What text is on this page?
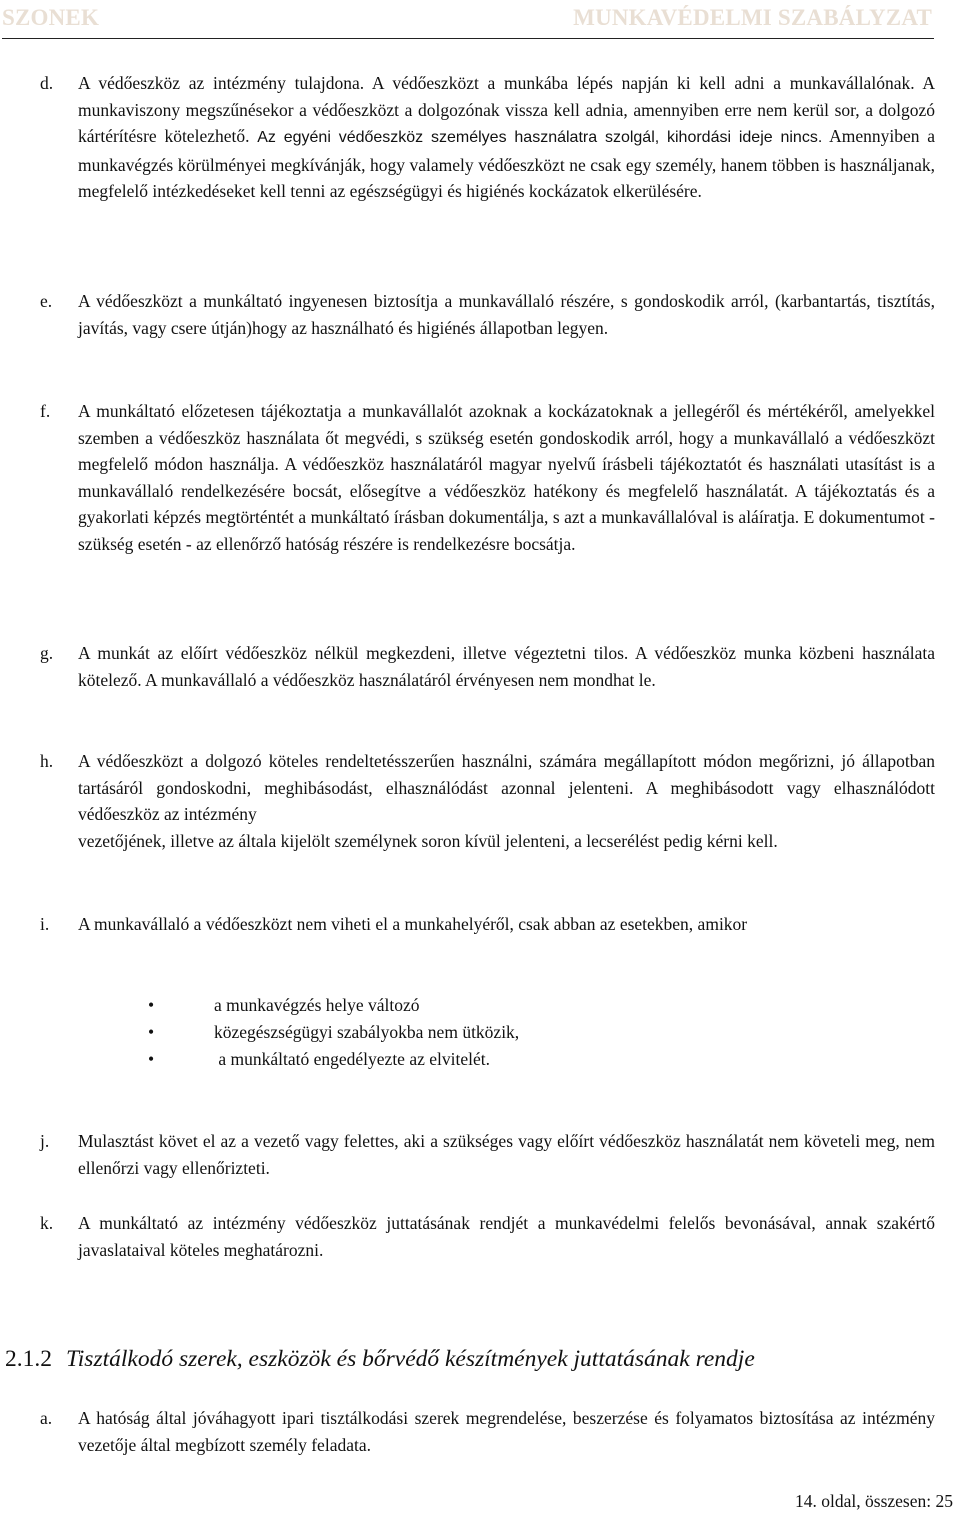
SZONEK	MUNKAVÉDELMI SZABÁLYZAT
d. A védőeszköz az intézmény tulajdona. A védőeszközt a munkába lépés napján ki kell adni a munkavállalónak. A munkaviszony megszűnésekor a védőeszközt a dolgozónak vissza kell adnia, amennyiben erre nem kerül sor, a dolgozó kártérítésre kötelezhető. Az egyéni védőeszköz személyes használatra szolgál, kihordási ideje nincs. Amennyiben a munkavégzés körülményei megkívánják, hogy valamely védőeszközt ne csak egy személy, hanem többen is használjanak, megfelelő intézkedéseket kell tenni az egészségügyi és higiénés kockázatok elkerülésére.
e. A védőeszközt a munkáltató ingyenesen biztosítja a munkavállaló részére, s gondoskodik arról, (karbantartás, tisztítás, javítás, vagy csere útján)hogy az használható és higiénés állapotban legyen.
f. A munkáltató előzetesen tájékoztatja a munkavállalót azoknak a kockázatoknak a jellegéről és mértékéről, amelyekkel szemben a védőeszköz használata őt megvédi, s szükség esetén gondoskodik arról, hogy a munkavállaló a védőeszközt megfelelő módon használja. A védőeszköz használatáról magyar nyelvű írásbeli tájékoztatót és használati utasítást is a munkavállaló rendelkezésére bocsát, elősegítve a védőeszköz hatékony és megfelelő használatát. A tájékoztatás és a gyakorlati képzés megtörténtét a munkáltató írásban dokumentálja, s azt a munkavállalóval is aláíratja. E dokumentumot - szükség esetén - az ellenőrző hatóság részére is rendelkezésre bocsátja.
g. A munkát az előírt védőeszköz nélkül megkezdeni, illetve végeztetni tilos. A védőeszköz munka közbeni használata kötelező. A munkavállaló a védőeszköz használatáról érvényesen nem mondhat le.
h. A védőeszközt a dolgozó köteles rendeltetésszerűen használni, számára megállapított módon megőrizni, jó állapotban tartásáról gondoskodni, meghibásodást, elhasználódást azonnal jelenteni. A meghibásodott vagy elhasználódott védőeszköz az intézmény
vezetőjének, illetve az általa kijelölt személynek soron kívül jelenteni, a lecserélést pedig kérni kell.
i. A munkavállaló a védőeszközt nem viheti el a munkahelyéről, csak abban az esetekben, amikor
•	a munkavégzés helye változó
•	közegészségügyi szabályokba nem ütközik,
•	a munkáltató engedélyezte az elvitelét.
j. Mulasztást követ el az a vezető vagy felettes, aki a szükséges vagy előírt védőeszköz használatát nem követeli meg, nem ellenőrzi vagy ellenőrizteti.
k. A munkáltató az intézmény védőeszköz juttatásának rendjét a munkavédelmi felelős bevonásával, annak szakértő javaslataival köteles meghatározni.
2.1.2 Tisztálkodó szerek, eszközök és bőrvédő készítmények juttatásának rendje
a. A hatóság által jóváhagyott ipari tisztálkodási szerek megrendelése, beszerzése és folyamatos biztosítása az intézmény vezetője által megbízott személy feladata.
14. oldal, összesen: 25
